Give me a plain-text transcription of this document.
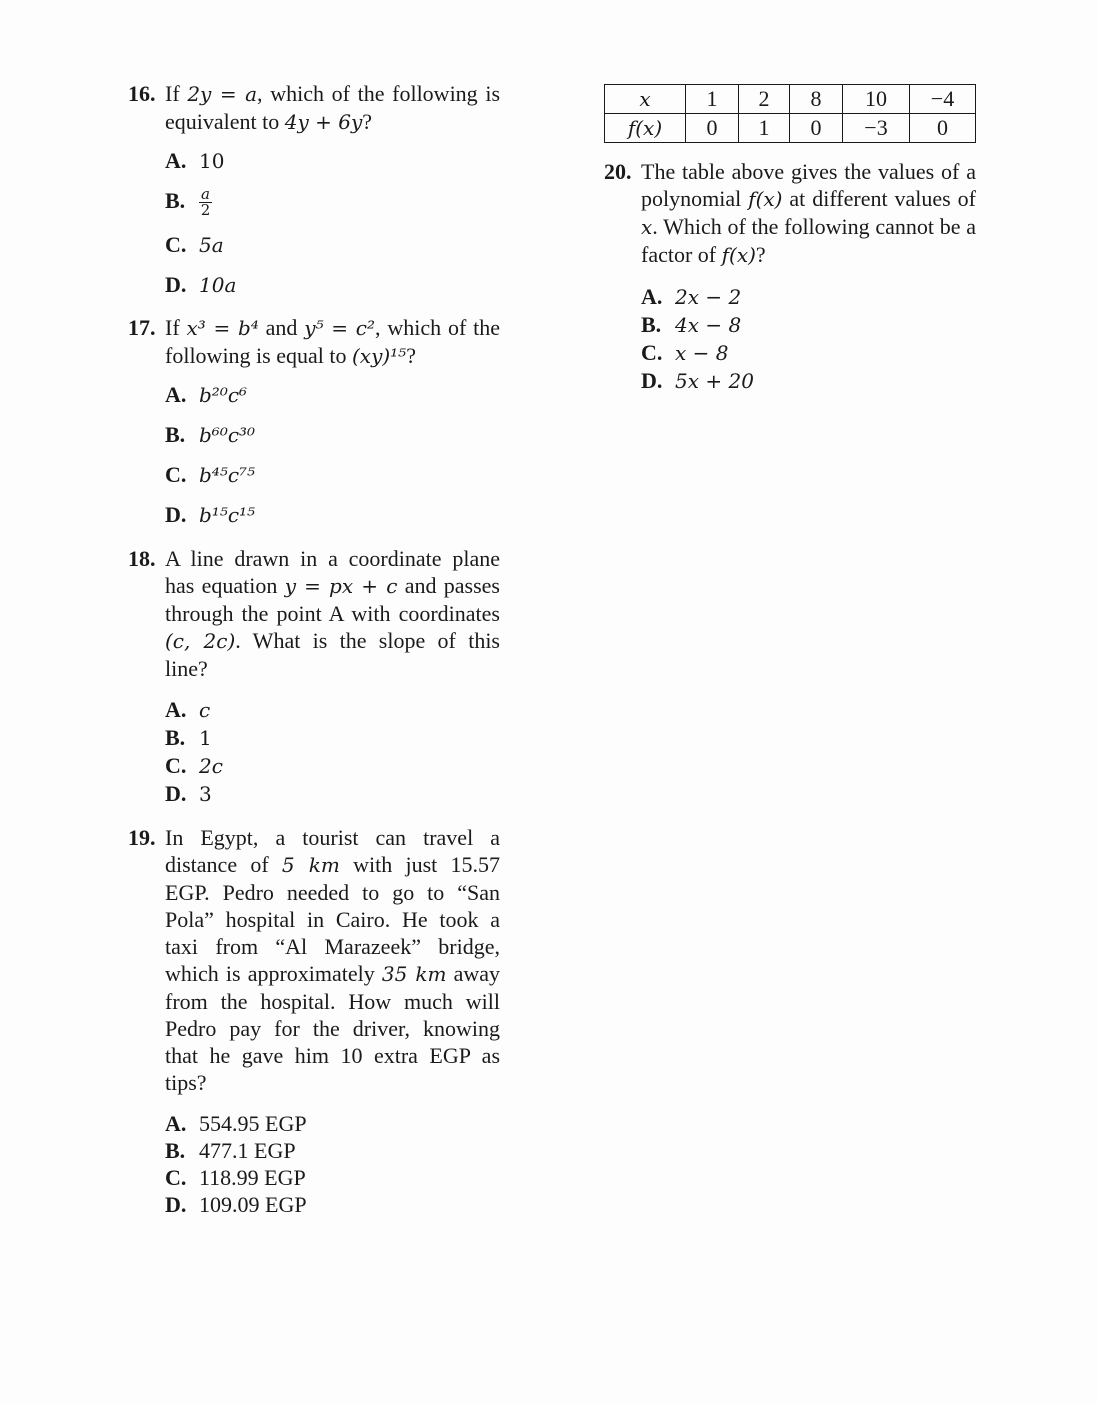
16. If 2y = a, which of the following is equivalent to 4y + 6y?
A. 10
B. $\frac{a}{2}$
C. 5a
D. 10a
17. If x³ = b⁴ and y⁵ = c², which of the following is equal to (xy)¹⁵?
A. b²⁰c⁶
B. b⁶⁰c³⁰
C. b⁴⁵c⁷⁵
D. b¹⁵c¹⁵
18. A line drawn in a coordinate plane has equation y = px + c and passes through the point A with coordinates (c, 2c). What is the slope of this line?
A. c
B. 1
C. 2c
D. 3
19. In Egypt, a tourist can travel a distance of 5 km with just 15.57 EGP. Pedro needed to go to “San Pola” hospital in Cairo. He took a taxi from “Al Marazeek” bridge, which is approximately 35 km away from the hospital. How much will Pedro pay for the driver, knowing that he gave him 10 extra EGP as tips?
A. 554.95 EGP
B. 477.1 EGP
C. 118.99 EGP
D. 109.09 EGP
x	1	2	8	10	−4
f(x)	0	1	0	−3	0
20. The table above gives the values of a polynomial f(x) at different values of x. Which of the following cannot be a factor of f(x)?
A. 2x − 2
B. 4x − 8
C. x − 8
D. 5x + 20
